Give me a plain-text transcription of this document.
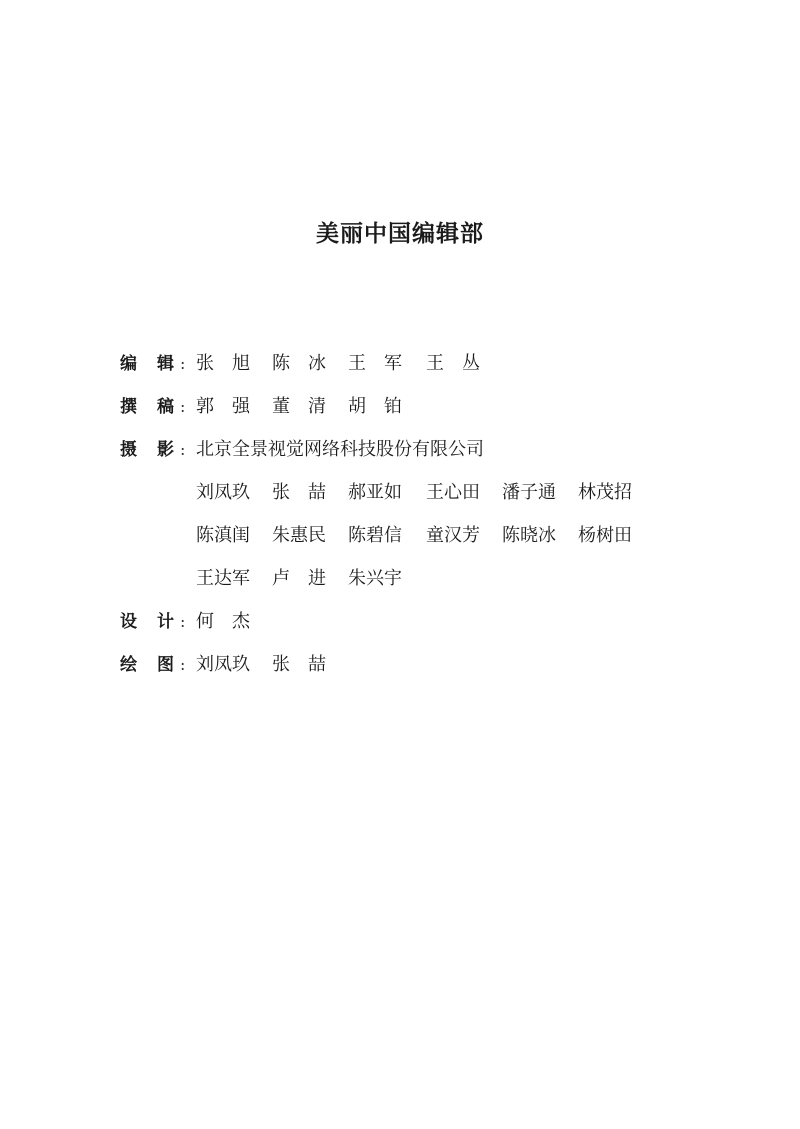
美丽中国编辑部
编 辑 : 张　旭 陈　冰 王　军 王　丛
撰 稿 : 郭　强 董　清 胡　铂
摄 影 : 北京全景视觉网络科技股份有限公司
刘凤玖 张　喆 郝亚如 王心田 潘子通 林茂招
陈滇闺 朱惠民 陈碧信 童汉芳 陈晓冰 杨树田
王达军 卢　进 朱兴宇
设 计 : 何　杰
绘 图 : 刘凤玖 张　喆
